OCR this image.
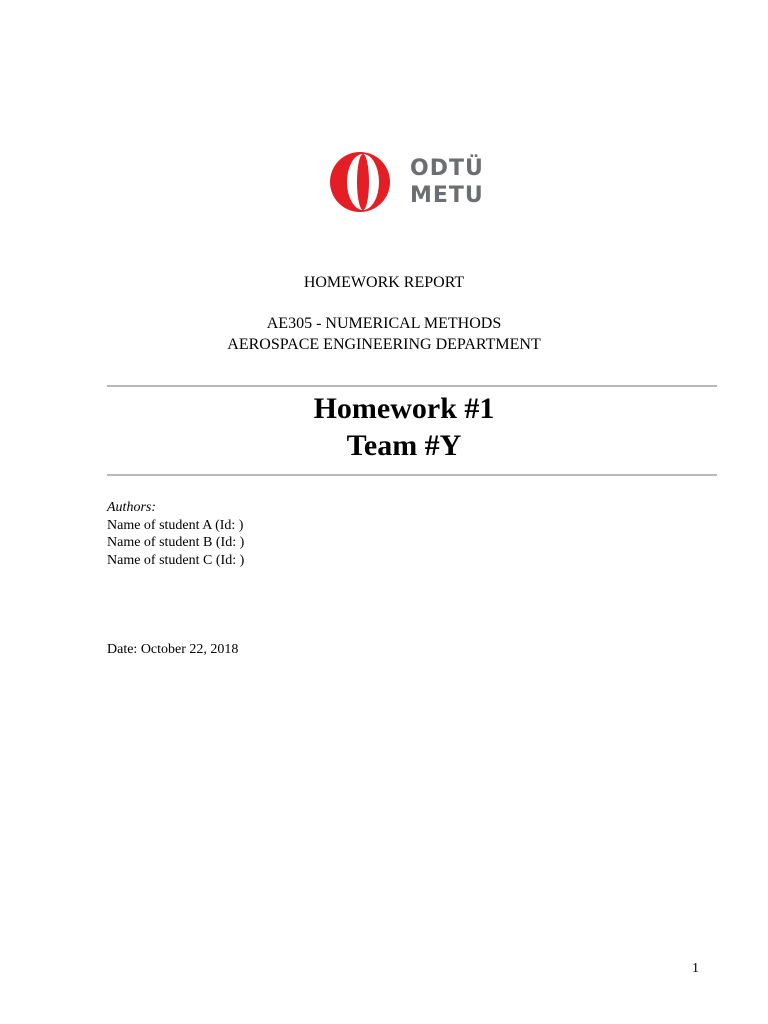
ODTÜ
METU
HOMEWORK REPORT
AE305 - NUMERICAL METHODS
AEROSPACE ENGINEERING DEPARTMENT
Homework #1
Team #Y
Authors:
Name of student A (Id: )
Name of student B (Id: )
Name of student C (Id: )
Date: October 22, 2018
1
